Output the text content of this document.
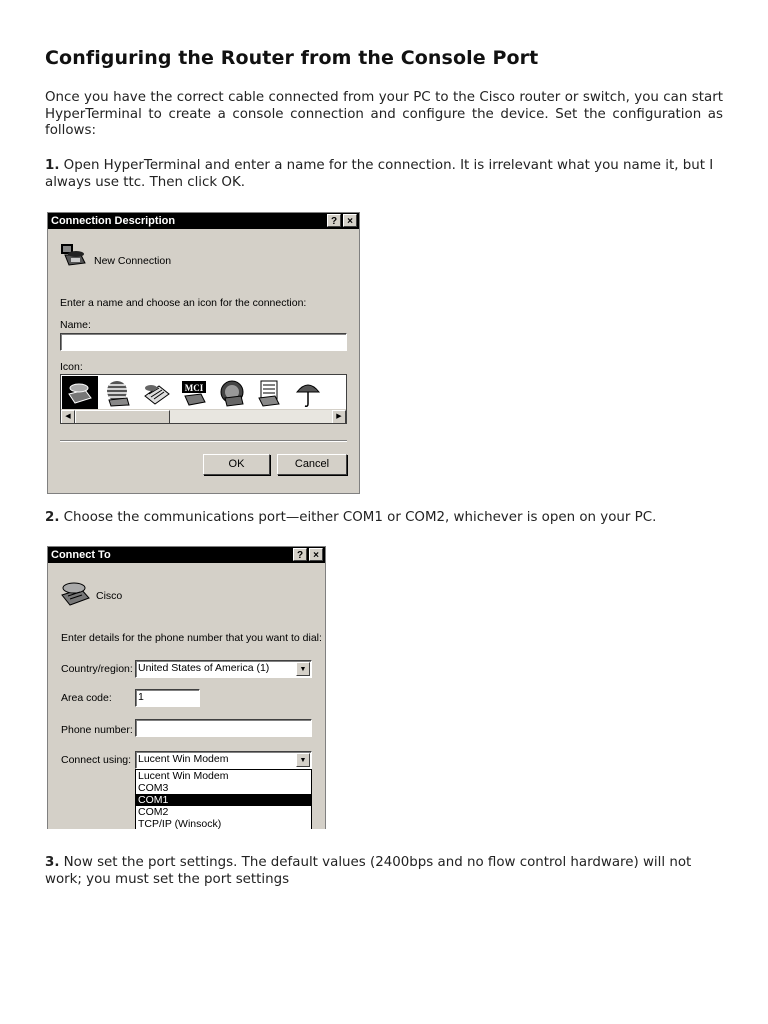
Configuring the Router from the Console Port

Once you have the correct cable connected from your PC to the Cisco router or switch, you can start HyperTerminal to create a console connection and configure the device. Set the configuration as follows:

1. Open HyperTerminal and enter a name for the connection. It is irrelevant what you name it, but I always use ttc. Then click OK.

Connection Description	?	×
New Connection
Enter a name and choose an icon for the connection:
Name:
Icon:
MCI
◀	▶
OK	Cancel

2. Choose the communications port—either COM1 or COM2, whichever is open on your PC.

Connect To	?	×
Cisco
Enter details for the phone number that you want to dial:
Country/region: United States of America (1)	▼
Area code: 1
Phone number:
Connect using: Lucent Win Modem	▼
Lucent Win Modem
COM3
COM1
COM2
TCP/IP (Winsock)

3. Now set the port settings. The default values (2400bps and no flow control hardware) will not work; you must set the port settings
